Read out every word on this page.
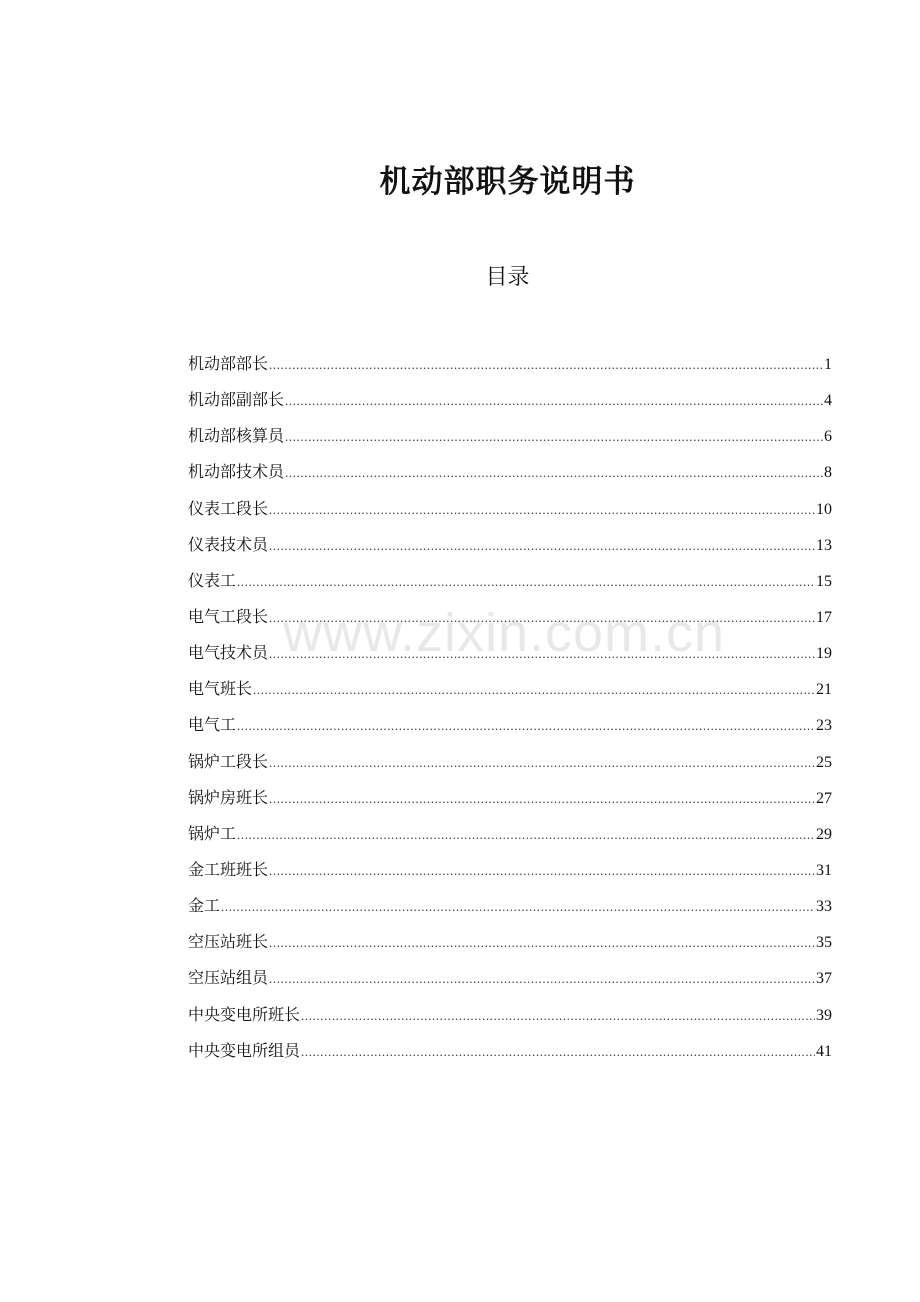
机动部职务说明书
目录
机动部部长 .....	1
机动部副部长 .....	4
机动部核算员 .....	6
机动部技术员 .....	8
仪表工段长 .....	10
仪表技术员 .....	13
仪表工 .....	15
电气工段长 .....	17
电气技术员 .....	19
电气班长 .....	21
电气工 .....	23
锅炉工段长 .....	25
锅炉房班长 .....	27
锅炉工 .....	29
金工班班长 .....	31
金工 .....	33
空压站班长 .....	35
空压站组员 .....	37
中央变电所班长 .....	39
中央变电所组员 .....	41
www.zixin.com.cn
